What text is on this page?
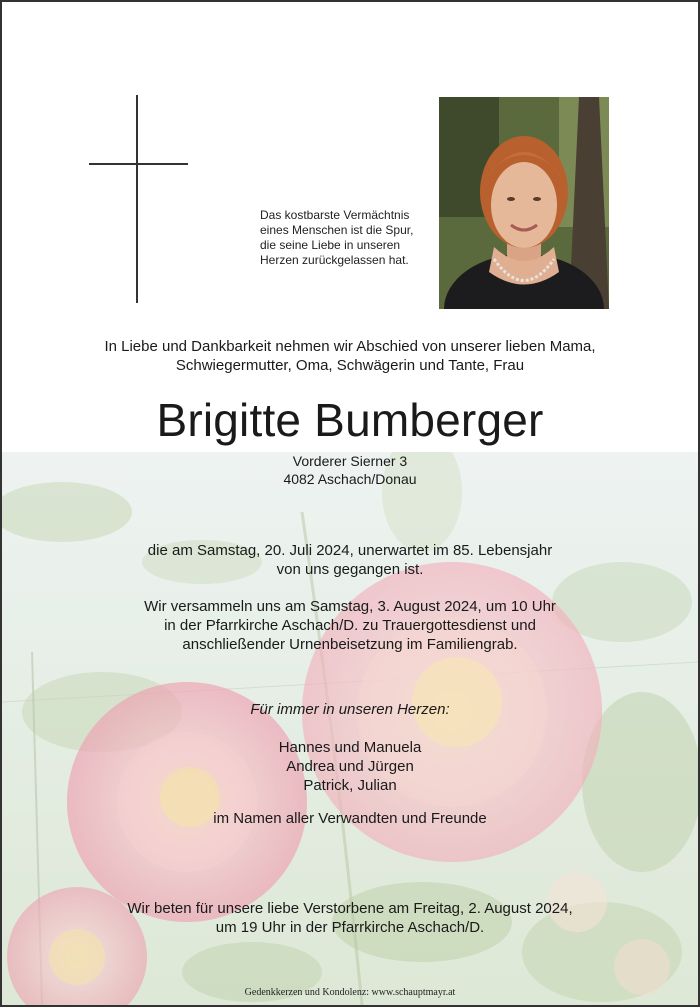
Das kostbarste Vermächtnis
eines Menschen ist die Spur,
die seine Liebe in unseren
Herzen zurückgelassen hat.
In Liebe und Dankbarkeit nehmen wir Abschied von unserer lieben Mama,
Schwiegermutter, Oma, Schwägerin und Tante, Frau
Brigitte Bumberger
Vorderer Sierner 3
4082 Aschach/Donau
die am Samstag, 20. Juli 2024, unerwartet im 85. Lebensjahr
von uns gegangen ist.
Wir versammeln uns am Samstag, 3. August 2024, um 10 Uhr
in der Pfarrkirche Aschach/D. zu Trauergottesdienst und
anschließender Urnenbeisetzung im Familiengrab.
Für immer in unseren Herzen:
Hannes und Manuela
Andrea und Jürgen
Patrick, Julian
im Namen aller Verwandten und Freunde
Wir beten für unsere liebe Verstorbene am Freitag, 2. August 2024,
um 19 Uhr in der Pfarrkirche Aschach/D.
Gedenkkerzen und Kondolenz: www.schauptmayr.at
